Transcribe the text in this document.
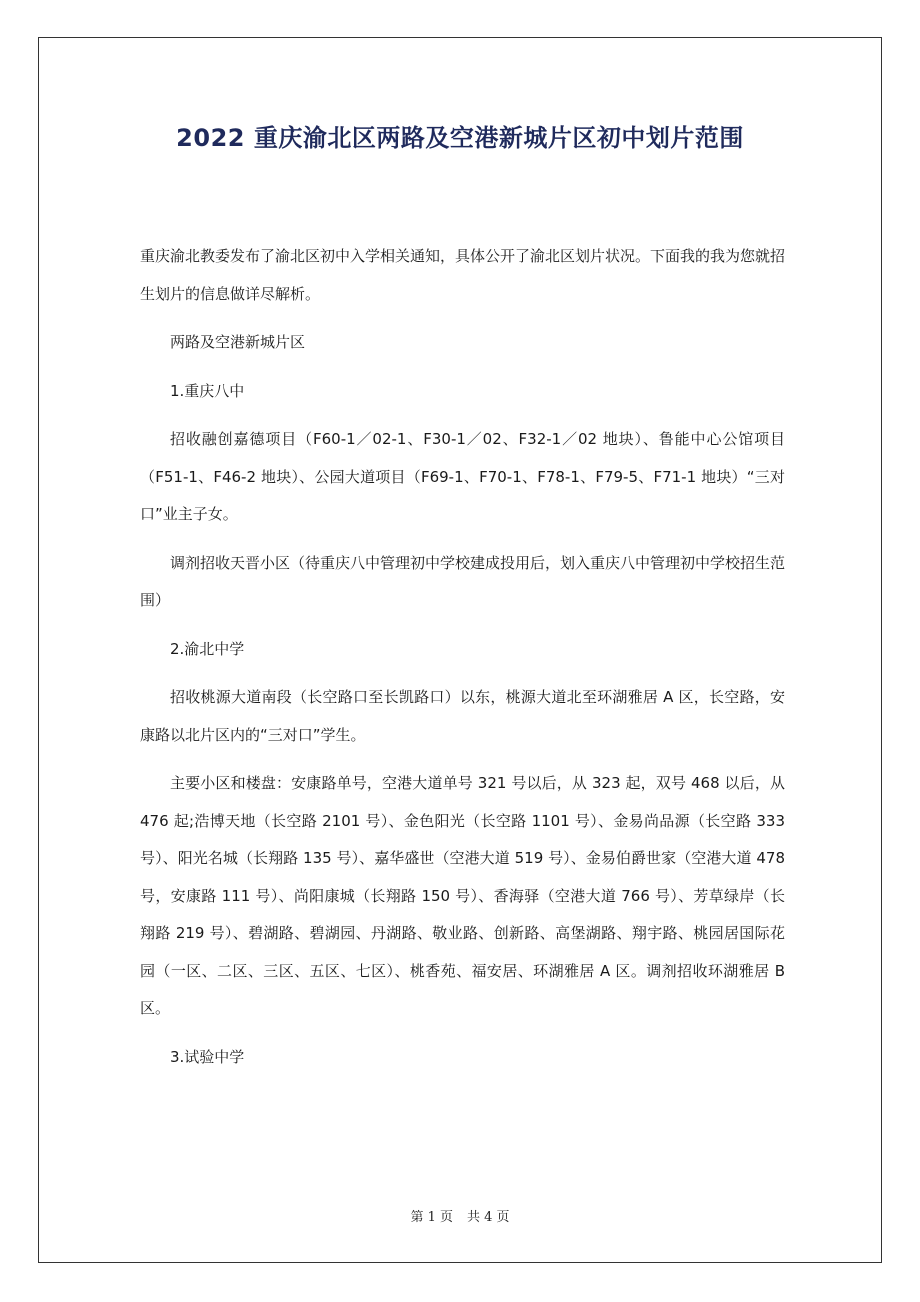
2022 重庆渝北区两路及空港新城片区初中划片范围

重庆渝北教委发布了渝北区初中入学相关通知，具体公开了渝北区划片状况。下面我的我为您就招生划片的信息做详尽解析。

两路及空港新城片区

1.重庆八中

招收融创嘉德项目（F60-1／02-1、F30-1／02、F32-1／02 地块）、鲁能中心公馆项目（F51-1、F46-2 地块）、公园大道项目（F69-1、F70-1、F78-1、F79-5、F71-1 地块）“三对口”业主子女。

调剂招收天晋小区（待重庆八中管理初中学校建成投用后，划入重庆八中管理初中学校招生范围）

2.渝北中学

招收桃源大道南段（长空路口至长凯路口）以东，桃源大道北至环湖雅居 A 区，长空路，安康路以北片区内的“三对口”学生。

主要小区和楼盘：安康路单号，空港大道单号 321 号以后，从 323 起，双号 468 以后，从 476 起;浩博天地（长空路 2101 号）、金色阳光（长空路 1101 号）、金易尚品源（长空路 333 号）、阳光名城（长翔路 135 号）、嘉华盛世（空港大道 519 号）、金易伯爵世家（空港大道 478 号，安康路 111 号）、尚阳康城（长翔路 150 号）、香海驿（空港大道 766 号）、芳草绿岸（长翔路 219 号）、碧湖路、碧湖园、丹湖路、敬业路、创新路、高堡湖路、翔宇路、桃园居国际花园（一区、二区、三区、五区、七区）、桃香苑、福安居、环湖雅居 A 区。调剂招收环湖雅居 B 区。

3.试验中学

第 1 页 共 4 页
